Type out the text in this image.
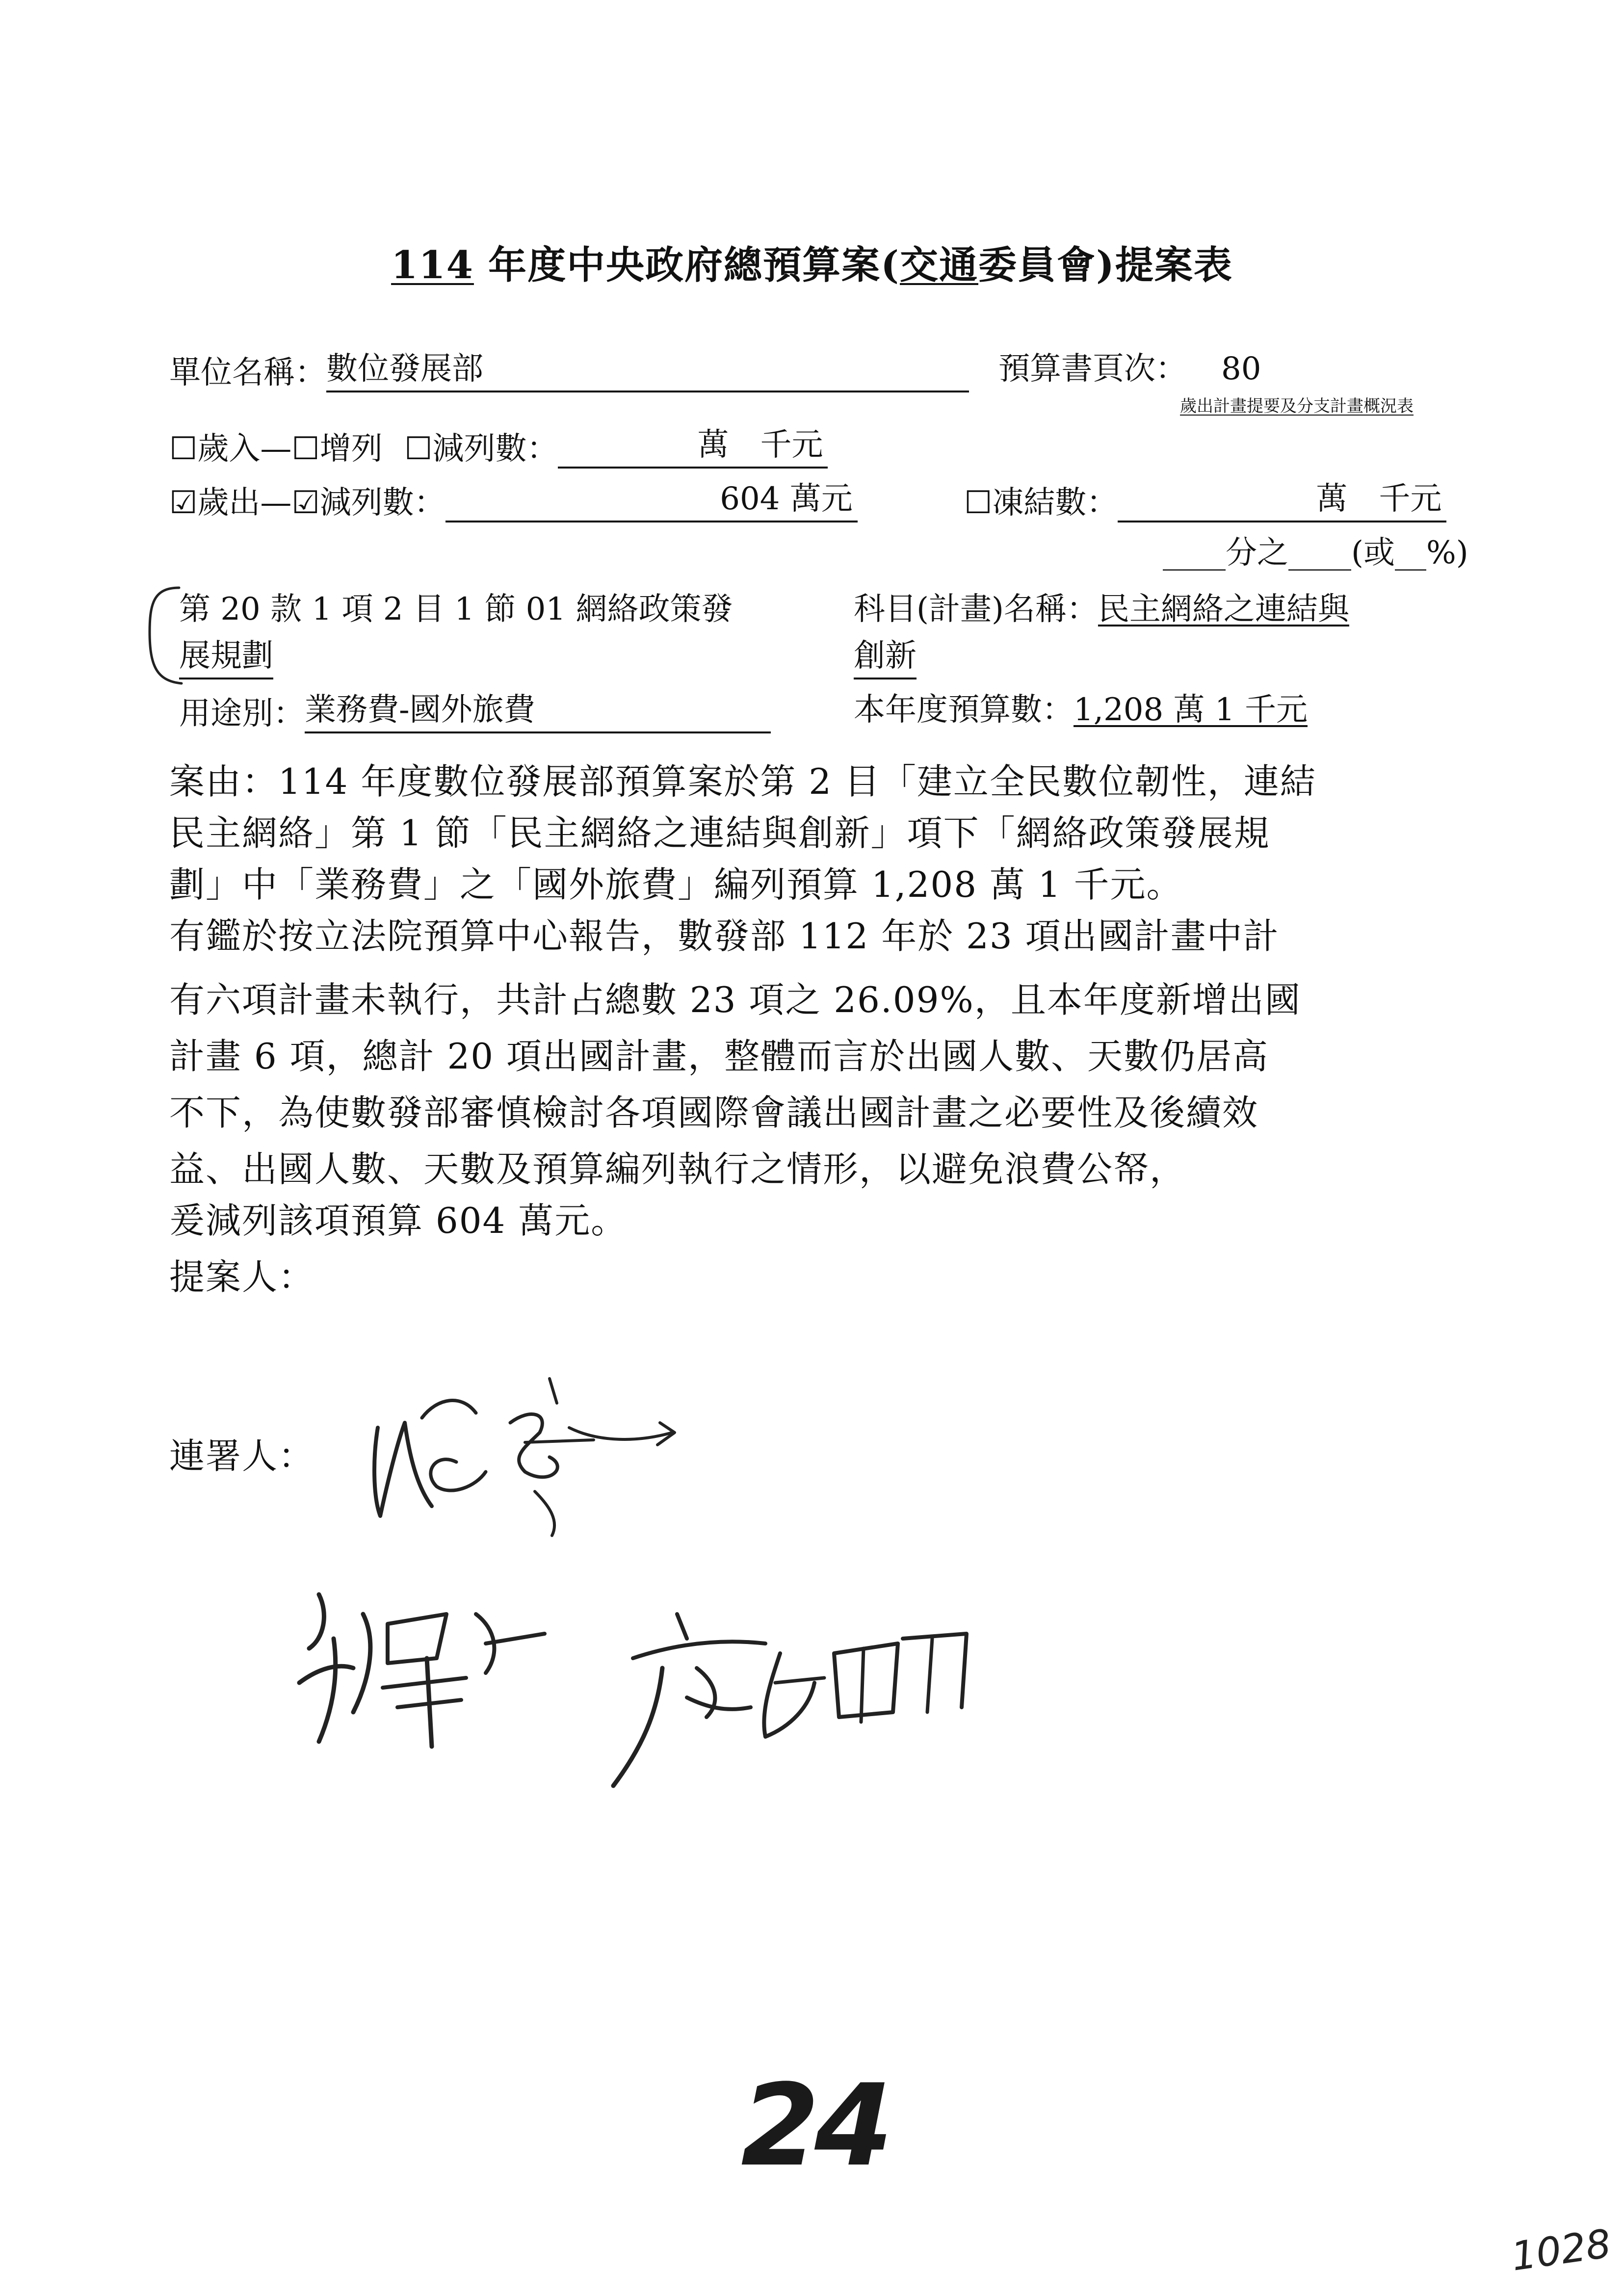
114 年度中央政府總預算案(交通委員會)提案表
單位名稱：數位發展部	預算書頁次： 80
歲出計畫提要及分支計畫概況表
☐歲入—☐增列 ☐減列數：	萬　千元
☑歲出—☑減列數：	604 萬元	☐凍結數：	萬　千元
____分之____(或__%)
第 20 款 1 項 2 目 1 節 01 網絡政策發
展規劃
科目(計畫)名稱：民主網絡之連結與
創新
用途別：業務費-國外旅費	本年度預算數：1,208 萬 1 千元
案由：114 年度數位發展部預算案於第 2 目「建立全民數位韌性，連結
民主網絡」第 1 節「民主網絡之連結與創新」項下「網絡政策發展規
劃」中「業務費」之「國外旅費」編列預算 1,208 萬 1 千元。
有鑑於按立法院預算中心報告，數發部 112 年於 23 項出國計畫中計
有六項計畫未執行，共計占總數 23 項之 26.09%，且本年度新增出國
計畫 6 項，總計 20 項出國計畫，整體而言於出國人數、天數仍居高
不下，為使數發部審慎檢討各項國際會議出國計畫之必要性及後續效
益、出國人數、天數及預算編列執行之情形，以避免浪費公帑，
爰減列該項預算 604 萬元。
提案人：
連署人：
24
1028
